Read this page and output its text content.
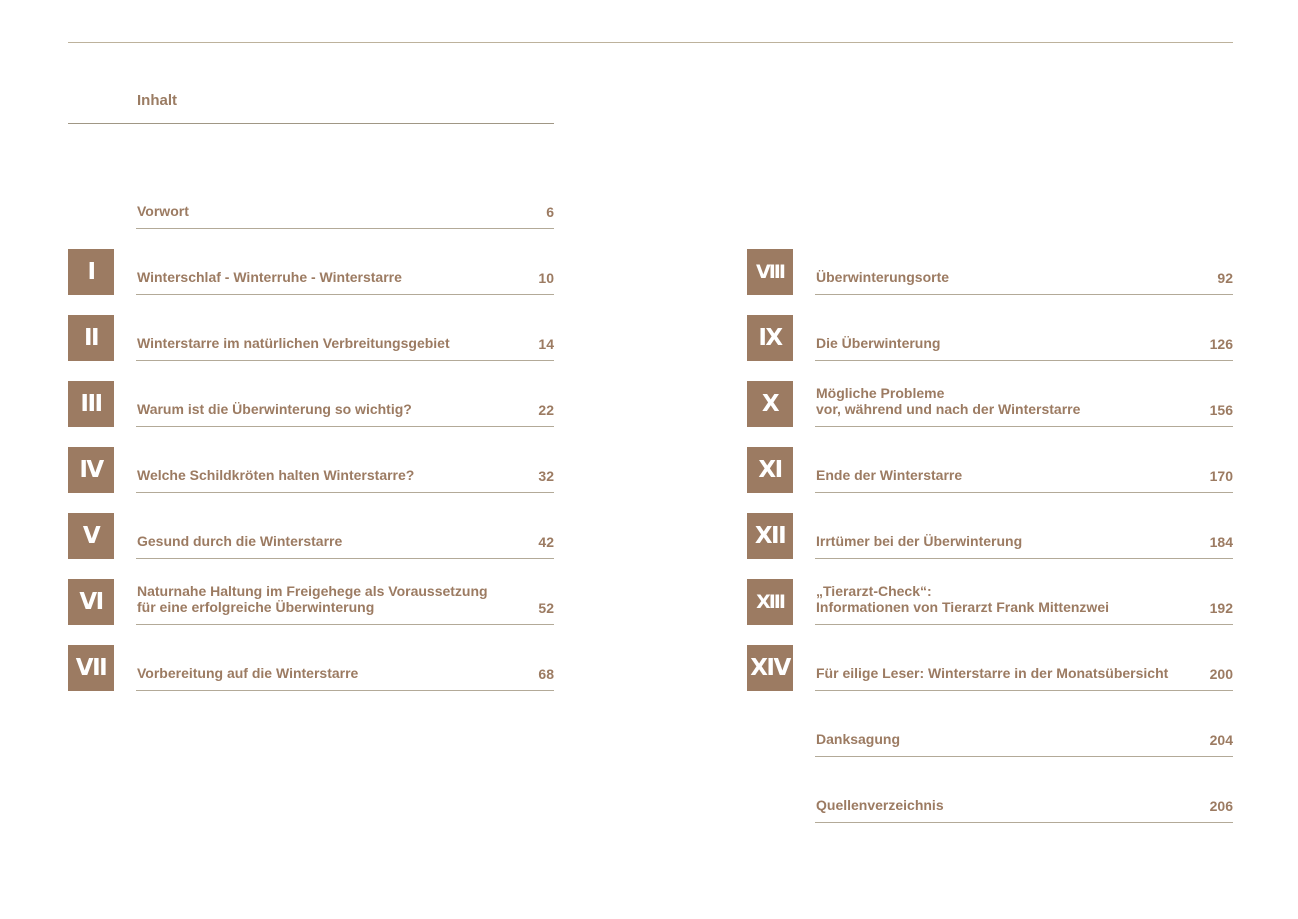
Inhalt
Vorwort	6
I	Winterschlaf - Winterruhe - Winterstarre	10
II	Winterstarre im natürlichen Verbreitungsgebiet	14
III	Warum ist die Überwinterung so wichtig?	22
IV	Welche Schildkröten halten Winterstarre?	32
V	Gesund durch die Winterstarre	42
VI	Naturnahe Haltung im Freigehege als Voraussetzung
für eine erfolgreiche Überwinterung	52
VII	Vorbereitung auf die Winterstarre	68
VIII	Überwinterungsorte	92
IX	Die Überwinterung	126
X	Mögliche Probleme
vor, während und nach der Winterstarre	156
XI	Ende der Winterstarre	170
XII	Irrtümer bei der Überwinterung	184
XIII	„Tierarzt-Check“:
Informationen von Tierarzt Frank Mittenzwei	192
XIV Für eilige Leser: Winterstarre in der Monatsübersicht	200
Danksagung	204
Quellenverzeichnis	206
